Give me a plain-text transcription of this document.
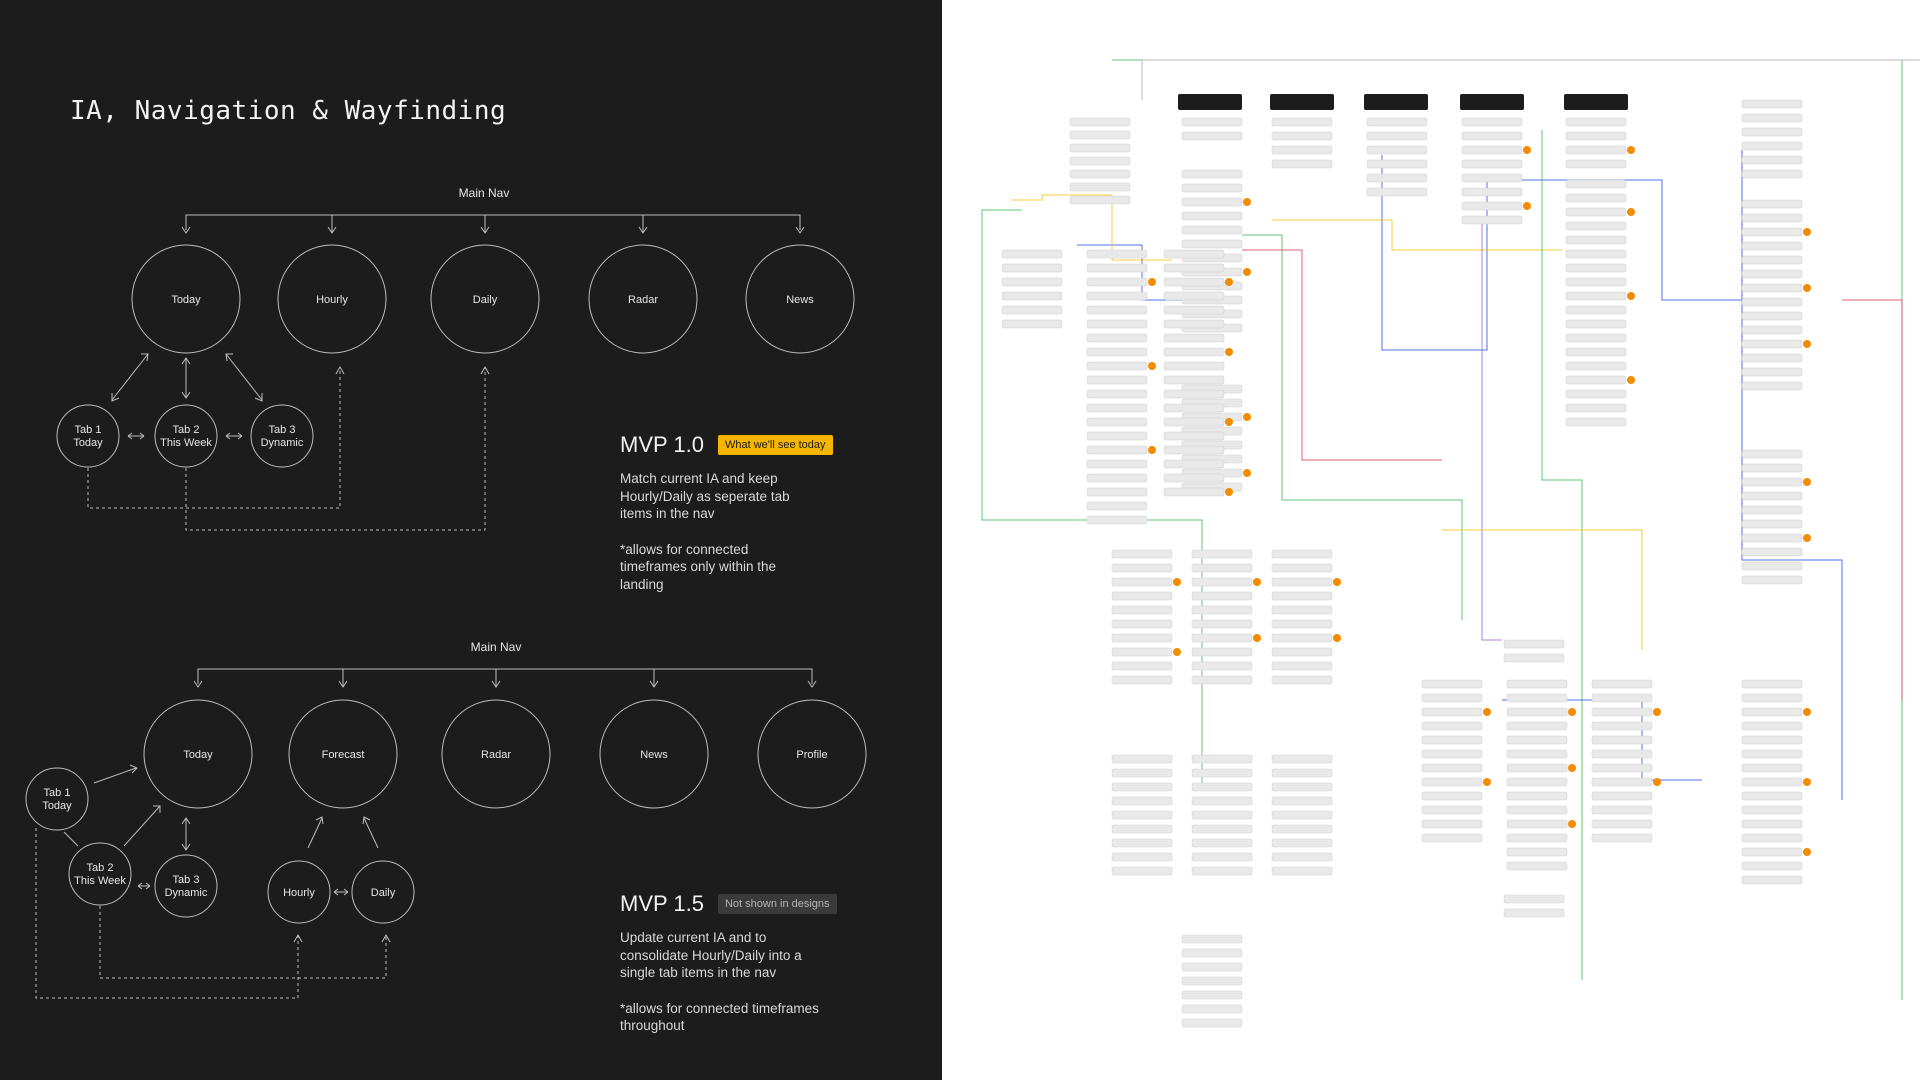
IA, Navigation & Wayfinding
Main Nav
Today	Hourly	Daily	Radar	News
Tab 1
Today
Tab 2
This Week
Tab 3
Dynamic	MVP 1.0	What we'll see today

Match current IA and keep Hourly/Daily as seperate tab items in the nav

*allows for connected timeframes only within the landing

Main Nav
Today	Forecast	Radar	News	Profile
Tab 1
Today
Tab 2
This Week	Tab 3
Dynamic	Hourly	Daily	MVP 1.5	Not shown in designs

Update current IA and to consolidate Hourly/Daily into a single tab items in the nav

*allows for connected timeframes throughout
